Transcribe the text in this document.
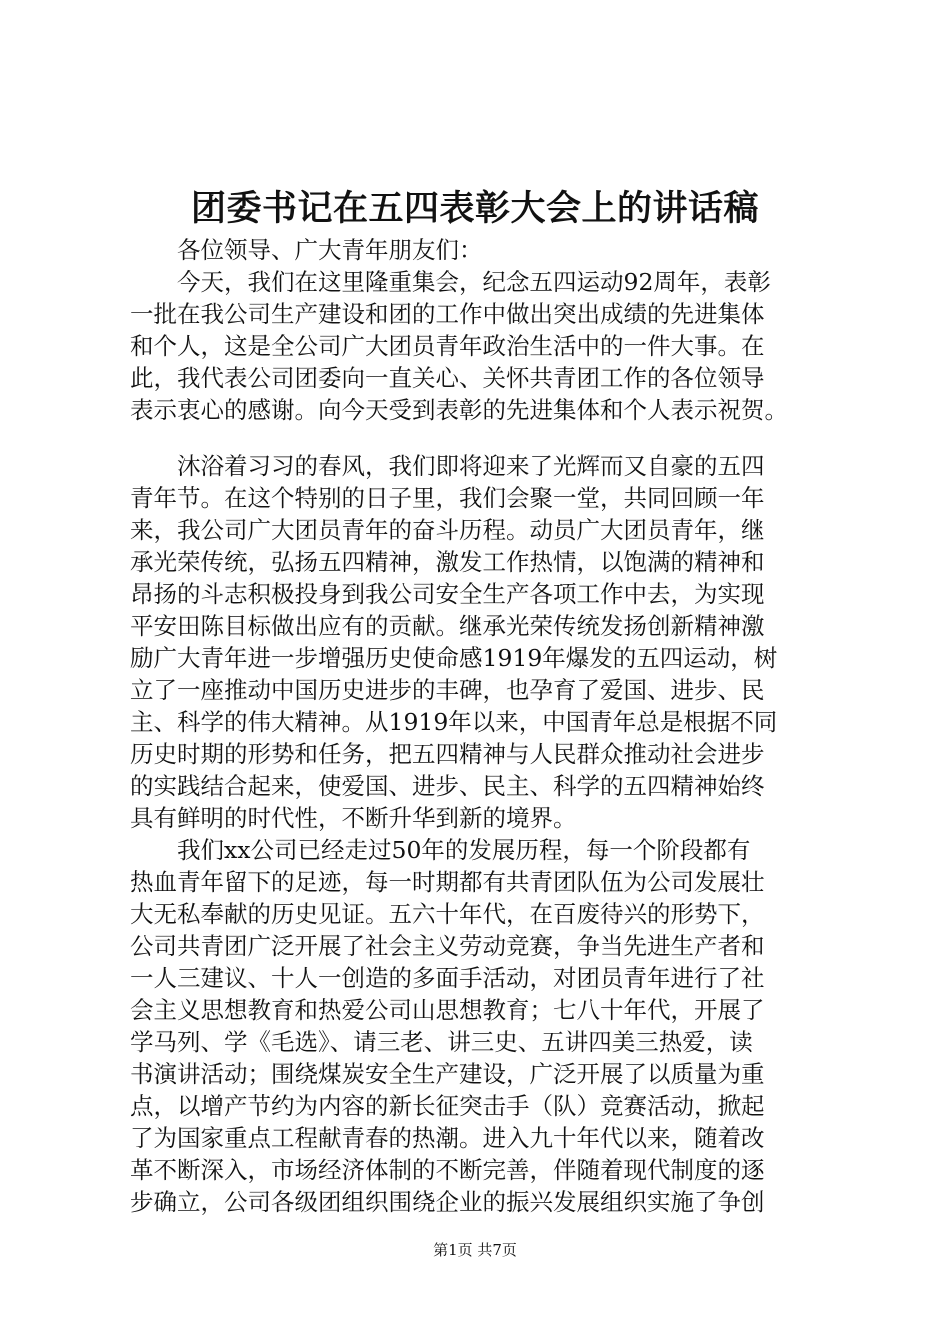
团委书记在五四表彰大会上的讲话稿
　　各位领导、广大青年朋友们：
　　今天，我们在这里隆重集会，纪念五四运动92周年，表彰
一批在我公司生产建设和团的工作中做出突出成绩的先进集体
和个人，这是全公司广大团员青年政治生活中的一件大事。在
此，我代表公司团委向一直关心、关怀共青团工作的各位领导
表示衷心的感谢。向今天受到表彰的先进集体和个人表示祝贺。
　　沐浴着习习的春风，我们即将迎来了光辉而又自豪的五四
青年节。在这个特别的日子里，我们会聚一堂，共同回顾一年
来，我公司广大团员青年的奋斗历程。动员广大团员青年，继
承光荣传统，弘扬五四精神，激发工作热情，以饱满的精神和
昂扬的斗志积极投身到我公司安全生产各项工作中去，为实现
平安田陈目标做出应有的贡献。继承光荣传统发扬创新精神激
励广大青年进一步增强历史使命感1919年爆发的五四运动，树
立了一座推动中国历史进步的丰碑，也孕育了爱国、进步、民
主、科学的伟大精神。从1919年以来，中国青年总是根据不同
历史时期的形势和任务，把五四精神与人民群众推动社会进步
的实践结合起来，使爱国、进步、民主、科学的五四精神始终
具有鲜明的时代性，不断升华到新的境界。
　　我们xx公司已经走过50年的发展历程，每一个阶段都有
热血青年留下的足迹，每一时期都有共青团队伍为公司发展壮
大无私奉献的历史见证。五六十年代，在百废待兴的形势下，
公司共青团广泛开展了社会主义劳动竞赛，争当先进生产者和
一人三建议、十人一创造的多面手活动，对团员青年进行了社
会主义思想教育和热爱公司山思想教育；七八十年代，开展了
学马列、学《毛选》、请三老、讲三史、五讲四美三热爱，读
书演讲活动；围绕煤炭安全生产建设，广泛开展了以质量为重
点，以增产节约为内容的新长征突击手（队）竞赛活动，掀起
了为国家重点工程献青春的热潮。进入九十年代以来，随着改
革不断深入，市场经济体制的不断完善，伴随着现代制度的逐
步确立，公司各级团组织围绕企业的振兴发展组织实施了争创
第1页 共7页
